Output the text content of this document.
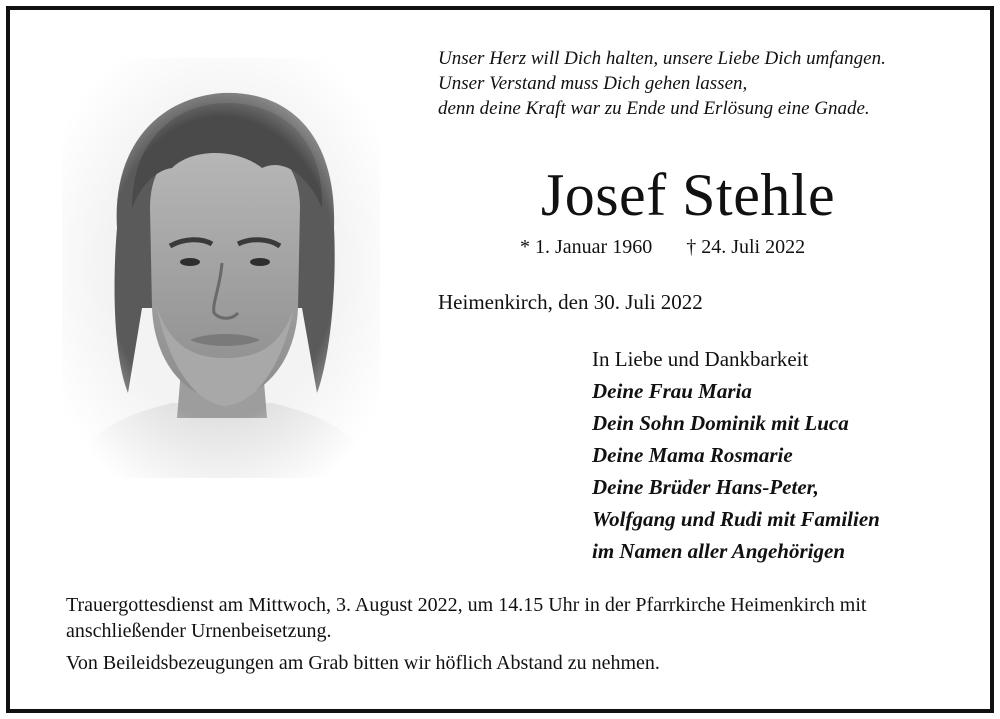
Unser Herz will Dich halten, unsere Liebe Dich umfangen.
Unser Verstand muss Dich gehen lassen,
denn deine Kraft war zu Ende und Erlösung eine Gnade.
Josef Stehle
* 1. Januar 1960 † 24. Juli 2022
Heimenkirch, den 30. Juli 2022
In Liebe und Dankbarkeit
Deine Frau Maria
Dein Sohn Dominik mit Luca
Deine Mama Rosmarie
Deine Brüder Hans-Peter,
Wolfgang und Rudi mit Familien
im Namen aller Angehörigen

Trauergottesdienst am Mittwoch, 3. August 2022, um 14.15 Uhr in der Pfarrkirche Heimenkirch mit anschließender Urnenbeisetzung.

Von Beileidsbezeugungen am Grab bitten wir höflich Abstand zu nehmen.
